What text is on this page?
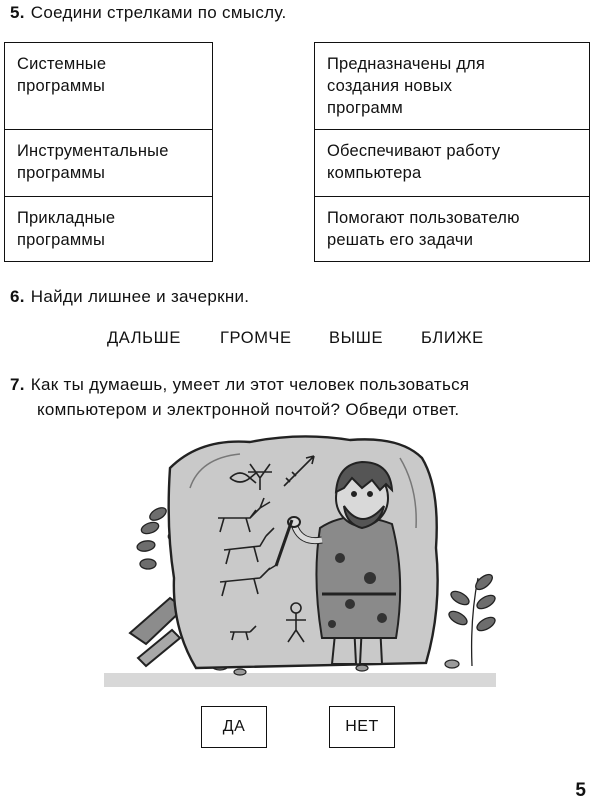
5. Соедини стрелками по смыслу.
Системные
программы
Инструментальные
программы
Прикладные
программы
Предназначены для
создания новых
программ
Обеспечивают работу
компьютера
Помогают пользователю
решать его задачи
6. Найди лишнее и зачеркни.
ДАЛЬШЕ ГРОМЧЕ ВЫШЕ БЛИЖЕ
7. Как ты думаешь, умеет ли этот человек пользоваться
компьютером и электронной почтой? Обведи ответ.
ДА	НЕТ
5
